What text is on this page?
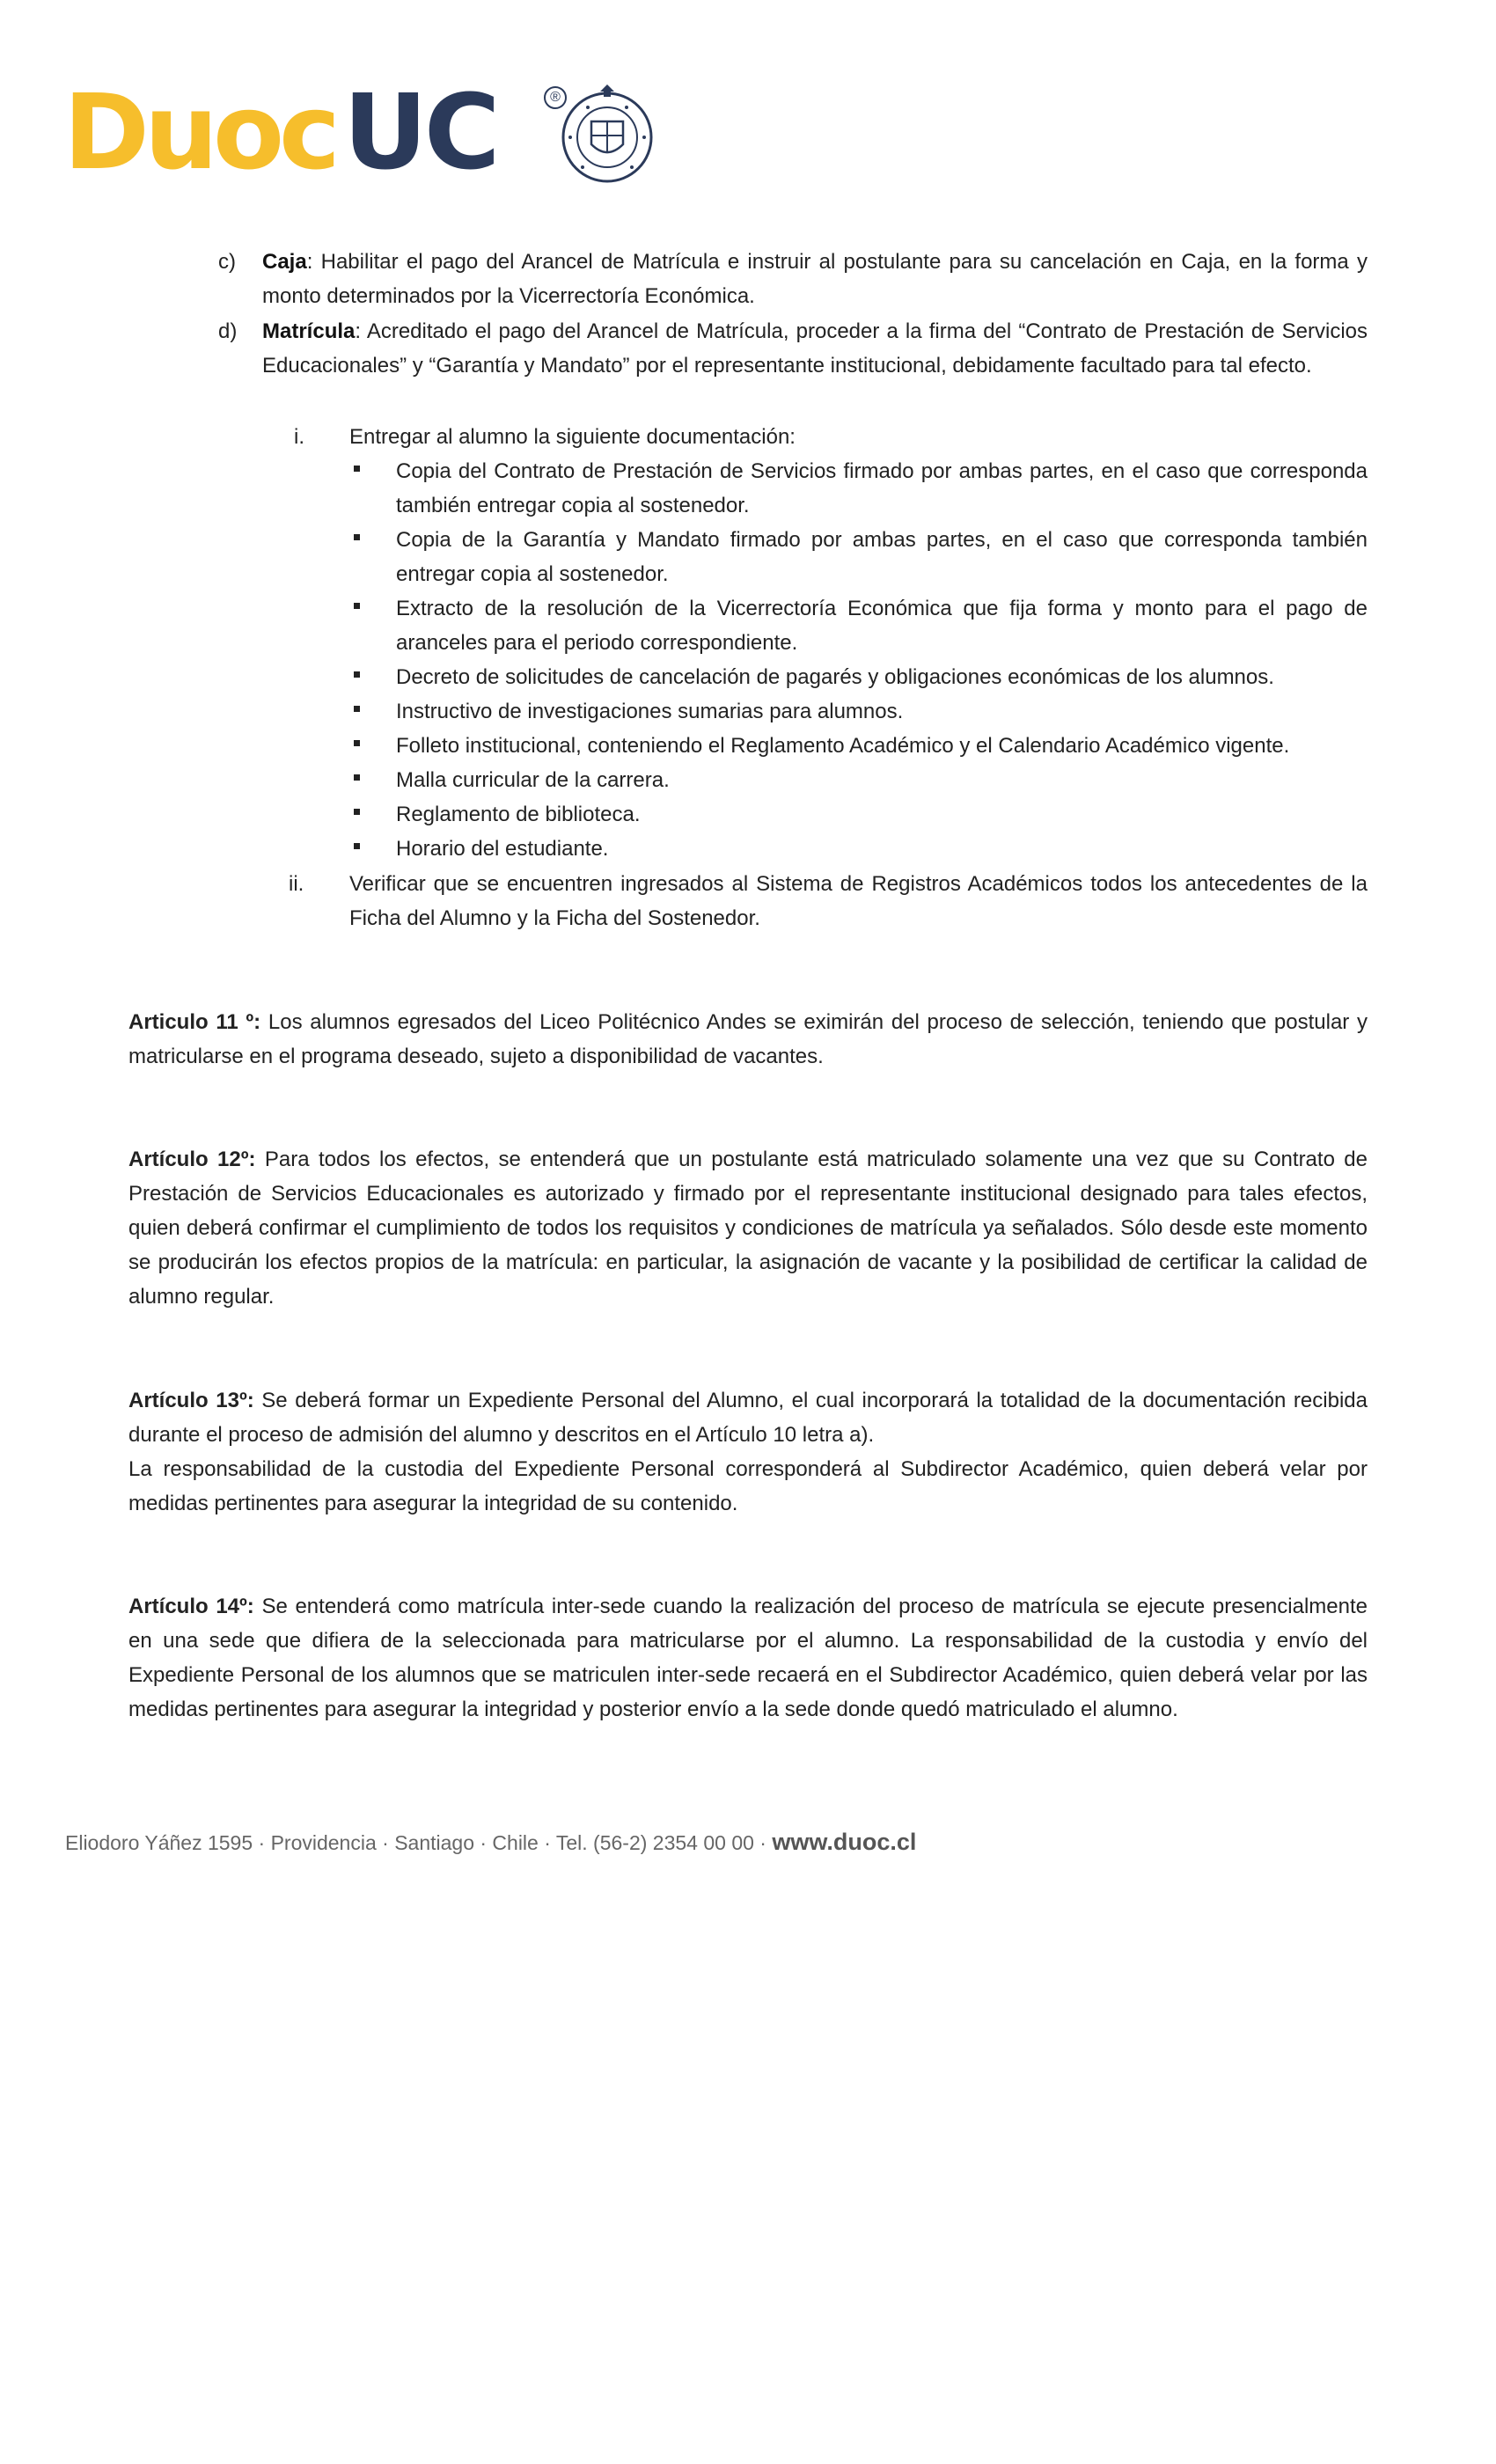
Duoc UC	®
c) Caja: Habilitar el pago del Arancel de Matrícula e instruir al postulante para su cancelación en Caja, en la forma y monto determinados por la Vicerrectoría Económica.
d) Matrícula: Acreditado el pago del Arancel de Matrícula, proceder a la firma del “Contrato de Prestación de Servicios Educacionales” y “Garantía y Mandato” por el representante institucional, debidamente facultado para tal efecto.
i. Entregar al alumno la siguiente documentación:
Copia del Contrato de Prestación de Servicios firmado por ambas partes, en el caso que corresponda también entregar copia al sostenedor.
Copia de la Garantía y Mandato firmado por ambas partes, en el caso que corresponda también entregar copia al sostenedor.
Extracto de la resolución de la Vicerrectoría Económica que fija forma y monto para el pago de aranceles para el periodo correspondiente.
Decreto de solicitudes de cancelación de pagarés y obligaciones económicas de los alumnos.
Instructivo de investigaciones sumarias para alumnos.
Folleto institucional, conteniendo el Reglamento Académico y el Calendario Académico vigente.
Malla curricular de la carrera.
Reglamento de biblioteca.
Horario del estudiante.
ii. Verificar que se encuentren ingresados al Sistema de Registros Académicos todos los antecedentes de la Ficha del Alumno y la Ficha del Sostenedor.
Articulo 11 º: Los alumnos egresados del Liceo Politécnico Andes se eximirán del proceso de selección, teniendo que postular y matricularse en el programa deseado, sujeto a disponibilidad de vacantes.
Artículo 12º: Para todos los efectos, se entenderá que un postulante está matriculado solamente una vez que su Contrato de Prestación de Servicios Educacionales es autorizado y firmado por el representante institucional designado para tales efectos, quien deberá confirmar el cumplimiento de todos los requisitos y condiciones de matrícula ya señalados. Sólo desde este momento se producirán los efectos propios de la matrícula: en particular, la asignación de vacante y la posibilidad de certificar la calidad de alumno regular.
Artículo 13º: Se deberá formar un Expediente Personal del Alumno, el cual incorporará la totalidad de la documentación recibida durante el proceso de admisión del alumno y descritos en el Artículo 10 letra a).
La responsabilidad de la custodia del Expediente Personal corresponderá al Subdirector Académico, quien deberá velar por medidas pertinentes para asegurar la integridad de su contenido.
Artículo 14º: Se entenderá como matrícula inter-sede cuando la realización del proceso de matrícula se ejecute presencialmente en una sede que difiera de la seleccionada para matricularse por el alumno. La responsabilidad de la custodia y envío del Expediente Personal de los alumnos que se matriculen inter-sede recaerá en el Subdirector Académico, quien deberá velar por las medidas pertinentes para asegurar la integridad y posterior envío a la sede donde quedó matriculado el alumno.
Eliodoro Yáñez 1595 · Providencia · Santiago · Chile · Tel. (56-2) 2354 00 00 · www.duoc.cl
